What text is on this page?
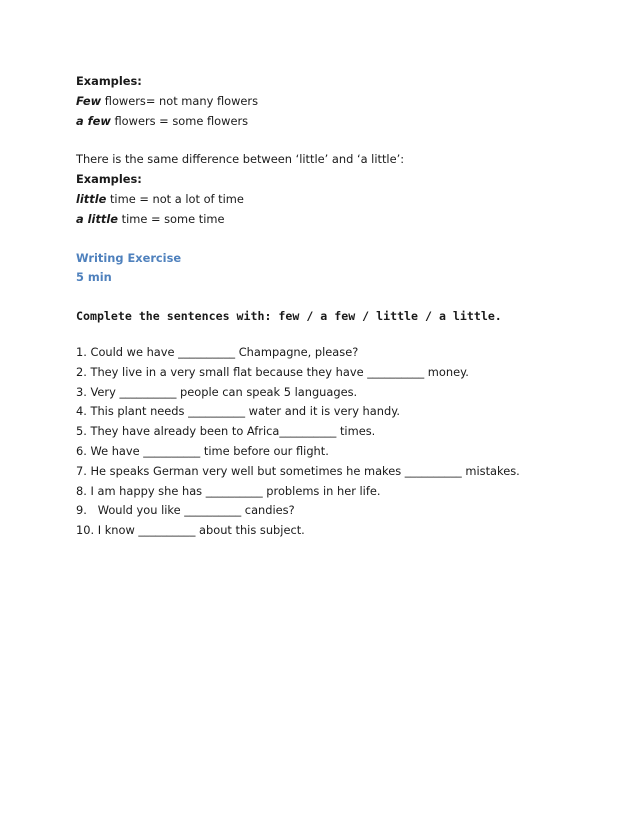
Examples:
Few flowers= not many flowers
a few flowers = some flowers
There is the same difference between ‘little’ and ‘a little’:
Examples:
little time = not a lot of time
a little time = some time
Writing Exercise
5 min
Complete the sentences with: few / a few / little / a little.
1. Could we have __________ Champagne, please?
2. They live in a very small flat because they have __________ money.
3. Very __________ people can speak 5 languages.
4. This plant needs __________ water and it is very handy.
5. They have already been to Africa__________ times.
6. We have __________ time before our flight.
7. He speaks German very well but sometimes he makes __________ mistakes.
8. I am happy she has __________ problems in her life.
9.   Would you like __________ candies?
10. I know __________ about this subject.
